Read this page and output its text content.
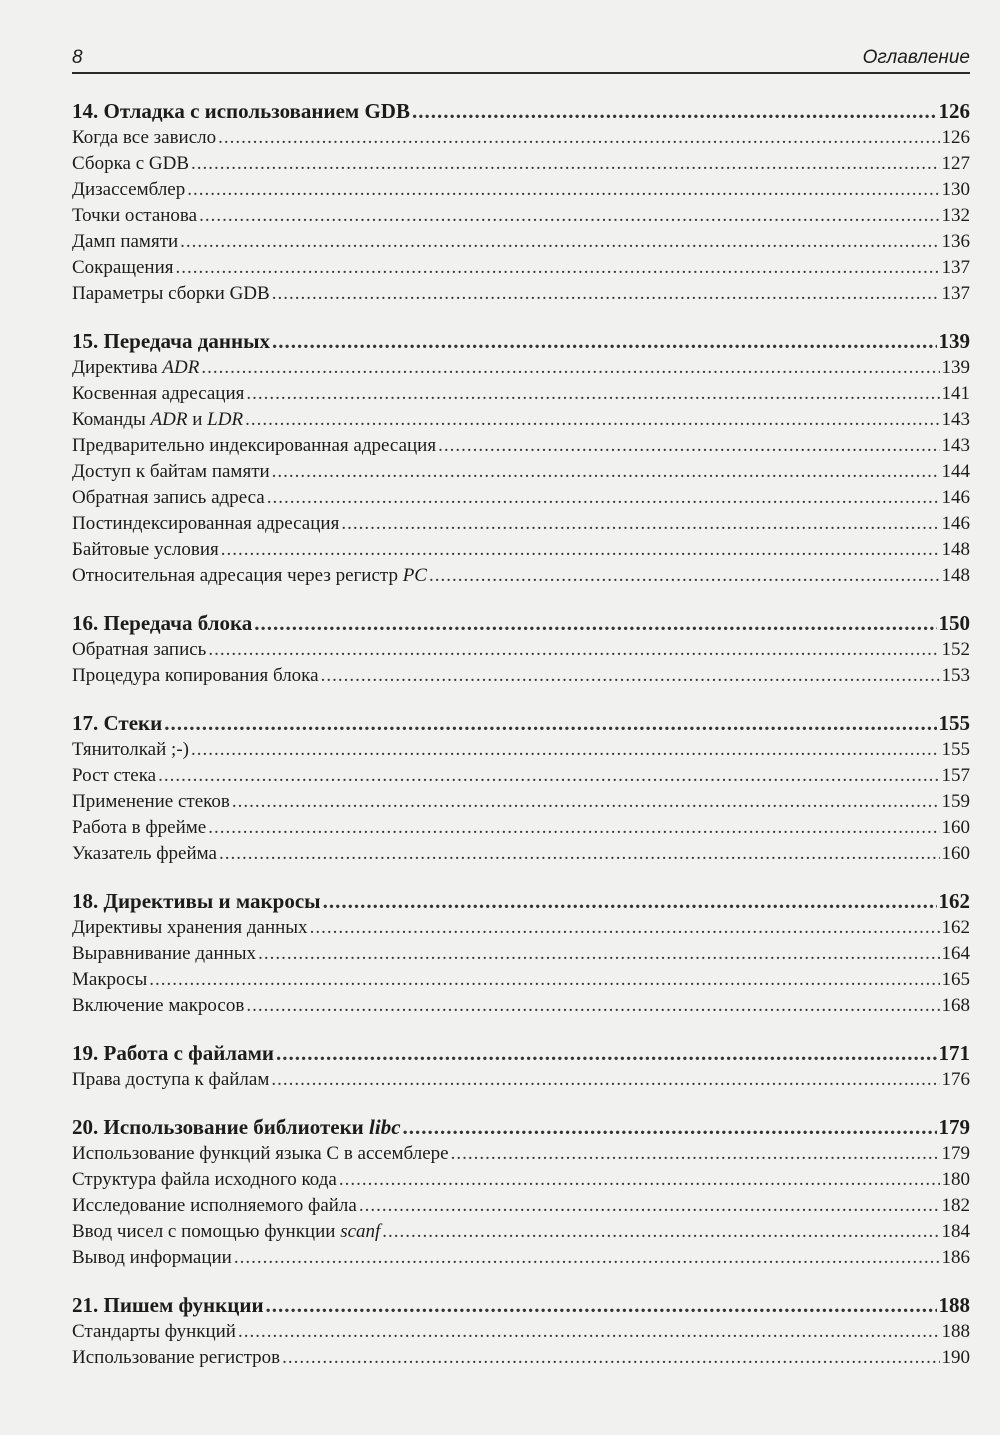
8	Оглавление
14. Отладка с использованием GDB .....	126
Когда все зависло .....	126
Сборка с GDB .....	127
Дизассемблер .....	130
Точки останова .....	132
Дамп памяти .....	136
Сокращения .....	137
Параметры сборки GDB .....	137
15. Передача данных .....	139
Директива ADR .....	139
Косвенная адресация .....	141
Команды ADR и LDR .....	143
Предварительно индексированная адресация .....	143
Доступ к байтам памяти .....	144
Обратная запись адреса .....	146
Постиндексированная адресация .....	146
Байтовые условия .....	148
Относительная адресация через регистр PC .....	148
16. Передача блока .....	150
Обратная запись .....	152
Процедура копирования блока .....	153
17. Стеки .....	155
Тянитолкай ;-) .....	155
Рост стека .....	157
Применение стеков .....	159
Работа в фрейме .....	160
Указатель фрейма .....	160
18. Директивы и макросы .....	162
Директивы хранения данных .....	162
Выравнивание данных .....	164
Макросы .....	165
Включение макросов .....	168
19. Работа с файлами .....	171
Права доступа к файлам .....	176
20. Использование библиотеки libc .....	179
Использование функций языка С в ассемблере .....	179
Структура файла исходного кода .....	180
Исследование исполняемого файла .....	182
Ввод чисел с помощью функции scanf .....	184
Вывод информации .....	186
21. Пишем функции .....	188
Стандарты функций .....	188
Использование регистров .....	190
